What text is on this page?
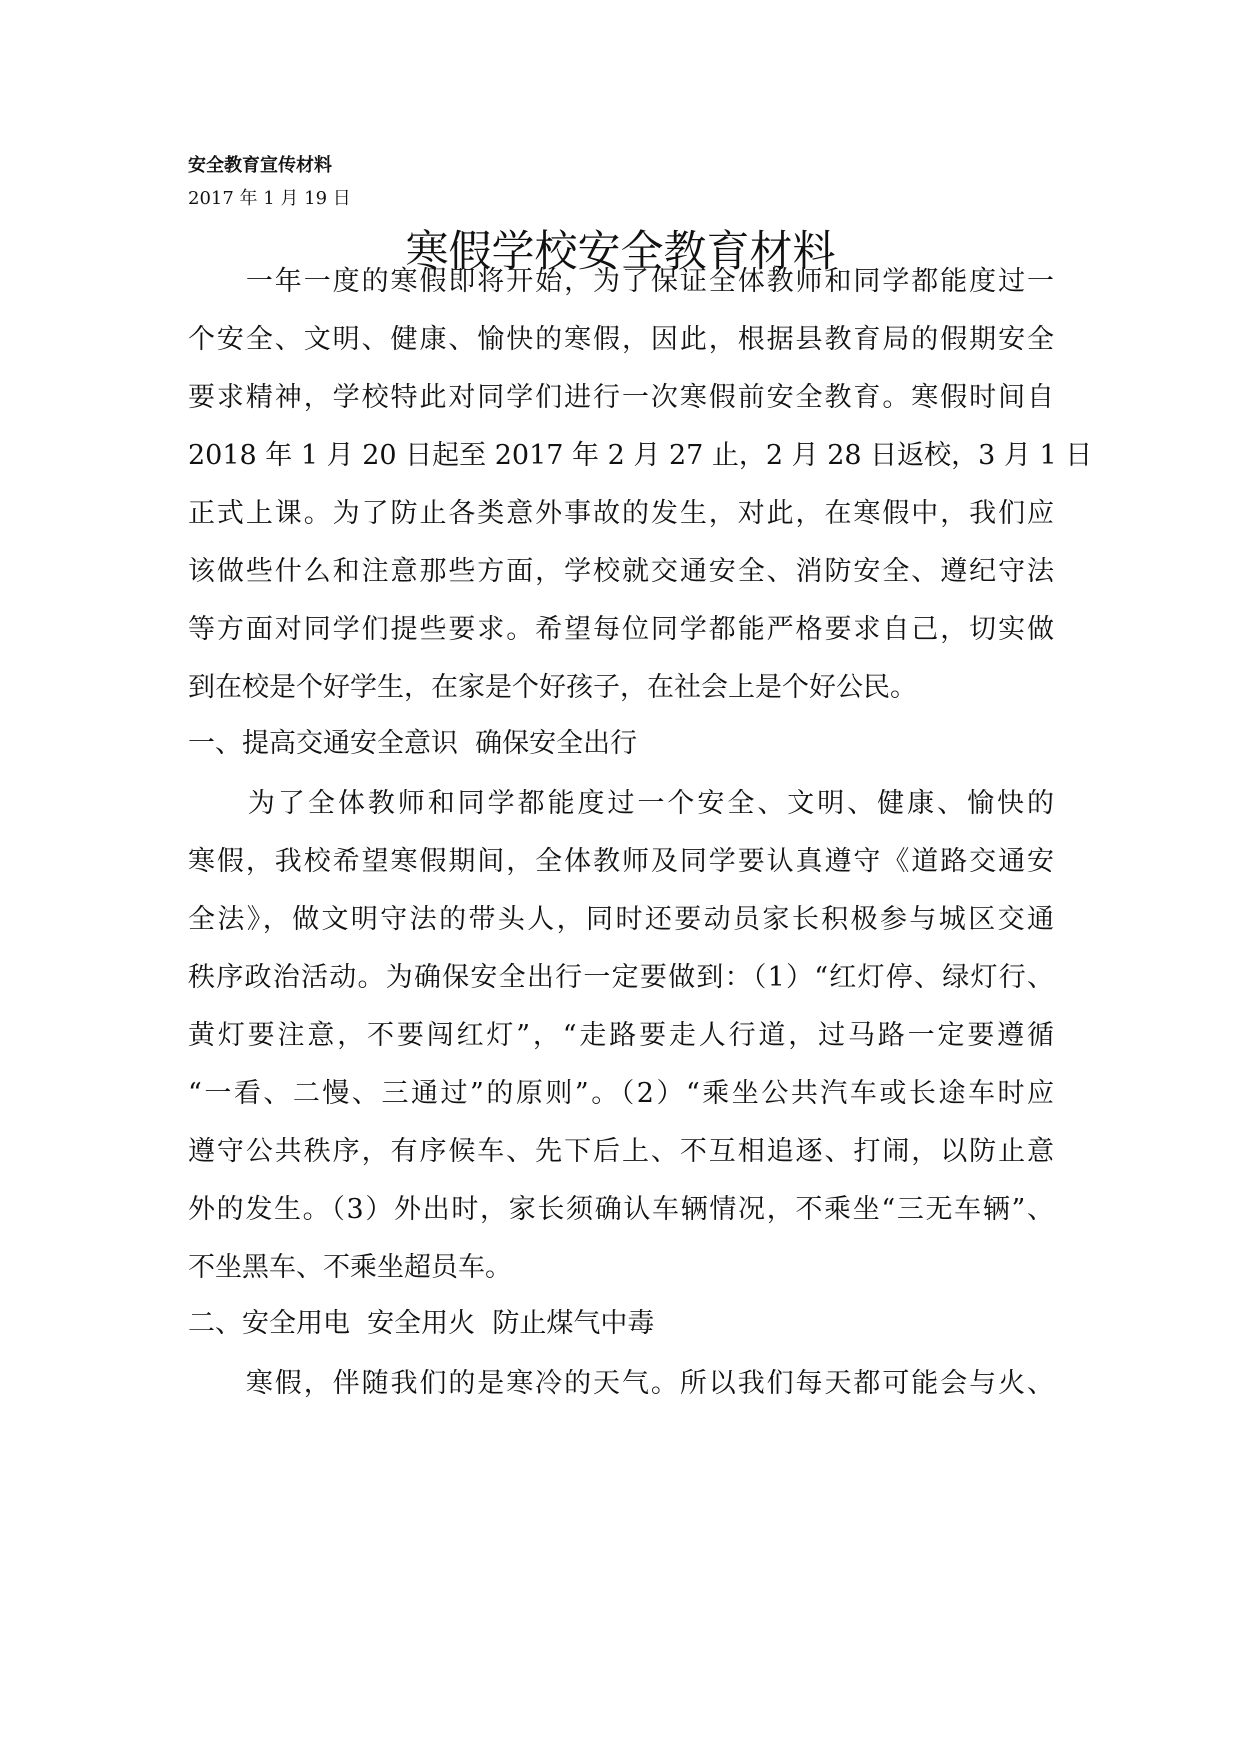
安全教育宣传材料

2017 年 1 月 19 日

寒假学校安全教育材料

　　一年一度的寒假即将开始，为了保证全体教师和同学都能度过一

个安全、文明、健康、愉快的寒假，因此，根据县教育局的假期安全

要求精神，学校特此对同学们进行一次寒假前安全教育。寒假时间自

2018 年 1 月 20 日起至 2017 年 2 月 27 止，2 月 28 日返校，3 月 1 日

正式上课。为了防止各类意外事故的发生，对此，在寒假中，我们应

该做些什么和注意那些方面，学校就交通安全、消防安全、遵纪守法

等方面对同学们提些要求。希望每位同学都能严格要求自己，切实做

到在校是个好学生，在家是个好孩子，在社会上是个好公民。

一、提高交通安全意识  确保安全出行

　　为了全体教师和同学都能度过一个安全、文明、健康、愉快的

寒假，我校希望寒假期间，全体教师及同学要认真遵守《道路交通安

全法》，做文明守法的带头人，同时还要动员家长积极参与城区交通

秩序政治活动。为确保安全出行一定要做到：（1）“红灯停、绿灯行、

黄灯要注意，不要闯红灯”，“走路要走人行道，过马路一定要遵循

“一看、二慢、三通过”的原则”。（2）“乘坐公共汽车或长途车时应

遵守公共秩序，有序候车、先下后上、不互相追逐、打闹，以防止意

外的发生。（3）外出时，家长须确认车辆情况，不乘坐“三无车辆”、

不坐黑车、不乘坐超员车。

二、安全用电  安全用火  防止煤气中毒

　　寒假，伴随我们的是寒冷的天气。所以我们每天都可能会与火、
